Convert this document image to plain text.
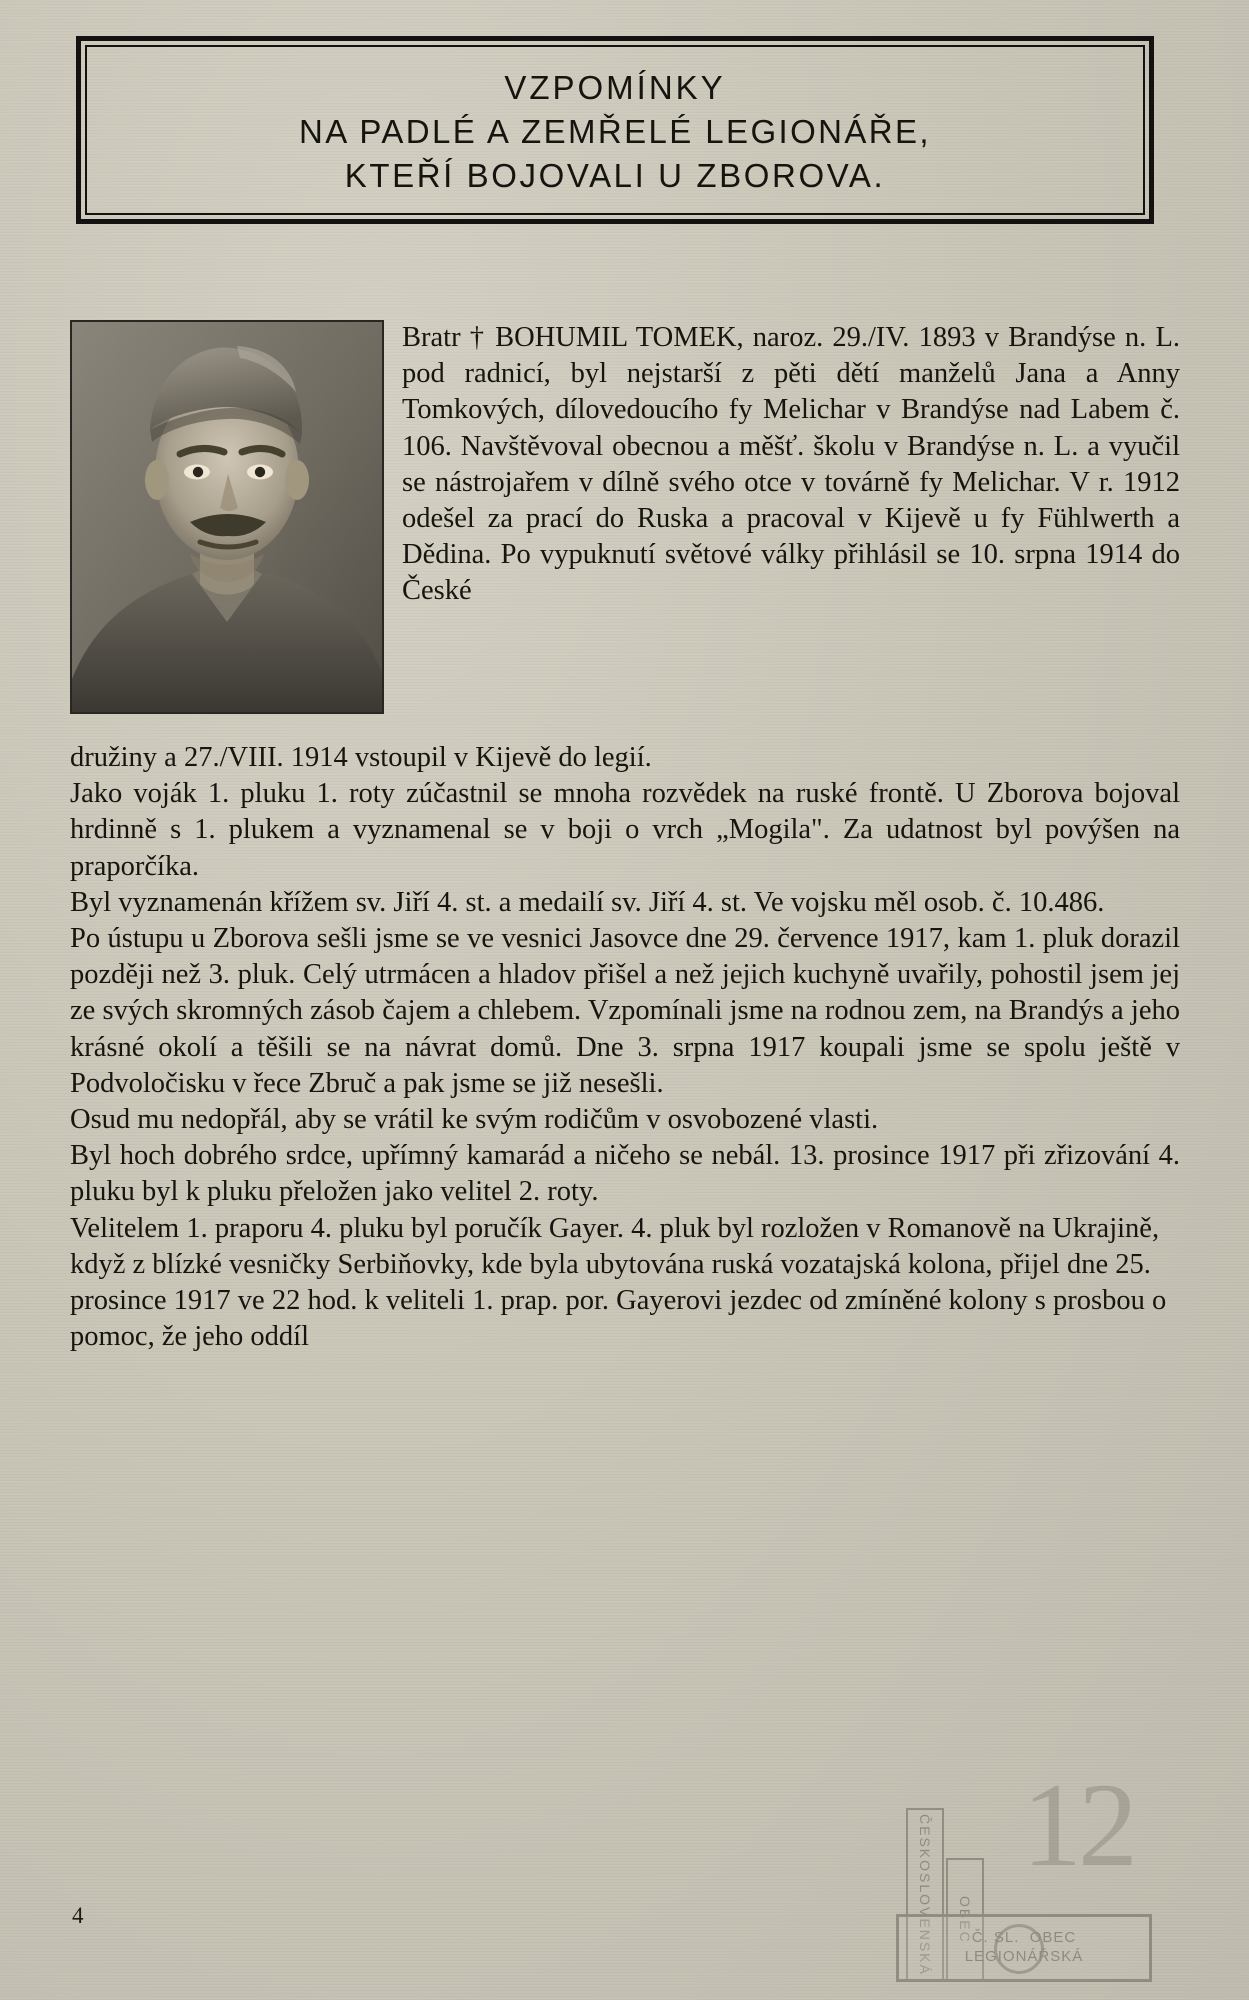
VZPOMÍNKY
NA PADLÉ A ZEMŘELÉ LEGIONÁŘE,
KTEŘÍ BOJOVALI U ZBOROVA.

Bratr † BOHUMIL TOMEK, naroz. 29./IV. 1893 v Brandýse n. L. pod radnicí, byl nejstarší z pěti dětí manželů Jana a Anny Tomkových, dílovedoucího fy Melichar v Brandýse nad Labem č. 106. Navštěvoval obecnou a měšť. školu v Brandýse n. L. a vyučil se nástrojařem v dílně svého otce v továrně fy Melichar. V r. 1912 odešel za prací do Ruska a pracoval v Kijevě u fy Fühlwerth a Dědina. Po vypuknutí světové války přihlásil se 10. srpna 1914 do České

družiny a 27./VIII. 1914 vstoupil v Kijevě do legií.

Jako voják 1. pluku 1. roty zúčastnil se mnoha rozvědek na ruské frontě. U Zborova bojoval hrdinně s 1. plukem a vyznamenal se v boji o vrch „Mogila". Za udatnost byl povýšen na praporčíka.

Byl vyznamenán křížem sv. Jiří 4. st. a medailí sv. Jiří 4. st. Ve vojsku měl osob. č. 10.486.

Po ústupu u Zborova sešli jsme se ve vesnici Jasovce dne 29. července 1917, kam 1. pluk dorazil později než 3. pluk. Celý utrmácen a hladov přišel a než jejich kuchyně uvařily, pohostil jsem jej ze svých skromných zásob čajem a chlebem. Vzpomínali jsme na rodnou zem, na Brandýs a jeho krásné okolí a těšili se na návrat domů. Dne 3. srpna 1917 koupali jsme se spolu ještě v Podvoločisku v řece Zbruč a pak jsme se již nesešli.

Osud mu nedopřál, aby se vrátil ke svým rodičům v osvobozené vlasti.

Byl hoch dobrého srdce, upřímný kamarád a ničeho se nebál. 13. prosince 1917 při zřizování 4. pluku byl k pluku přeložen jako velitel 2. roty.

Velitelem 1. praporu 4. pluku byl poručík Gayer. 4. pluk byl rozložen v Romanově na Ukrajině, když z blízké vesničky Serbiňovky, kde byla ubytována ruská vozatajská kolona, přijel dne 25. prosince 1917 ve 22 hod. k veliteli 1. prap. por. Gayerovi jezdec od zmíněné kolony s prosbou o pomoc, že jeho oddíl

4
12
ČESKOSLOVENSKÁ	OBEC
Č. SL.  OBEC
LEGIONÁŘSKÁ
